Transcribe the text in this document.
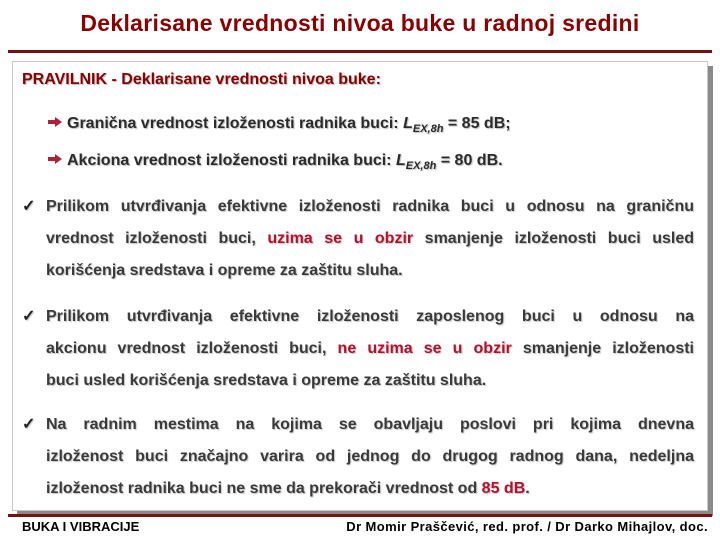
Deklarisane vrednosti nivoa buke u radnoj sredini
PRAVILNIK - Deklarisane vrednosti nivoa buke:
Granična vrednost izloženosti radnika buci: $L_{EX,8h} = 85$ dB;
Akciona vrednost izloženosti radnika buci: $L_{EX,8h} = 80$ dB.
✓ Prilikom utvrđivanja efektivne izloženosti radnika buci u odnosu na graničnu
vrednost izloženosti buci, uzima se u obzir smanjenje izloženosti buci usled
korišćenja sredstava i opreme za zaštitu sluha.
✓ Prilikom utvrđivanja efektivne izloženosti zaposlenog buci u odnosu na
akcionu vrednost izloženosti buci, ne uzima se u obzir smanjenje izloženosti
buci usled korišćenja sredstava i opreme za zaštitu sluha.
✓ Na radnim mestima na kojima se obavljaju poslovi pri kojima dnevna
izloženost buci značajno varira od jednog do drugog radnog dana, nedeljna
izloženost radnika buci ne sme da prekorači vrednost od 85 dB.
BUKA I VIBRACIJE	Dr Momir Praščević, red. prof. / Dr Darko Mihajlov, doc.
